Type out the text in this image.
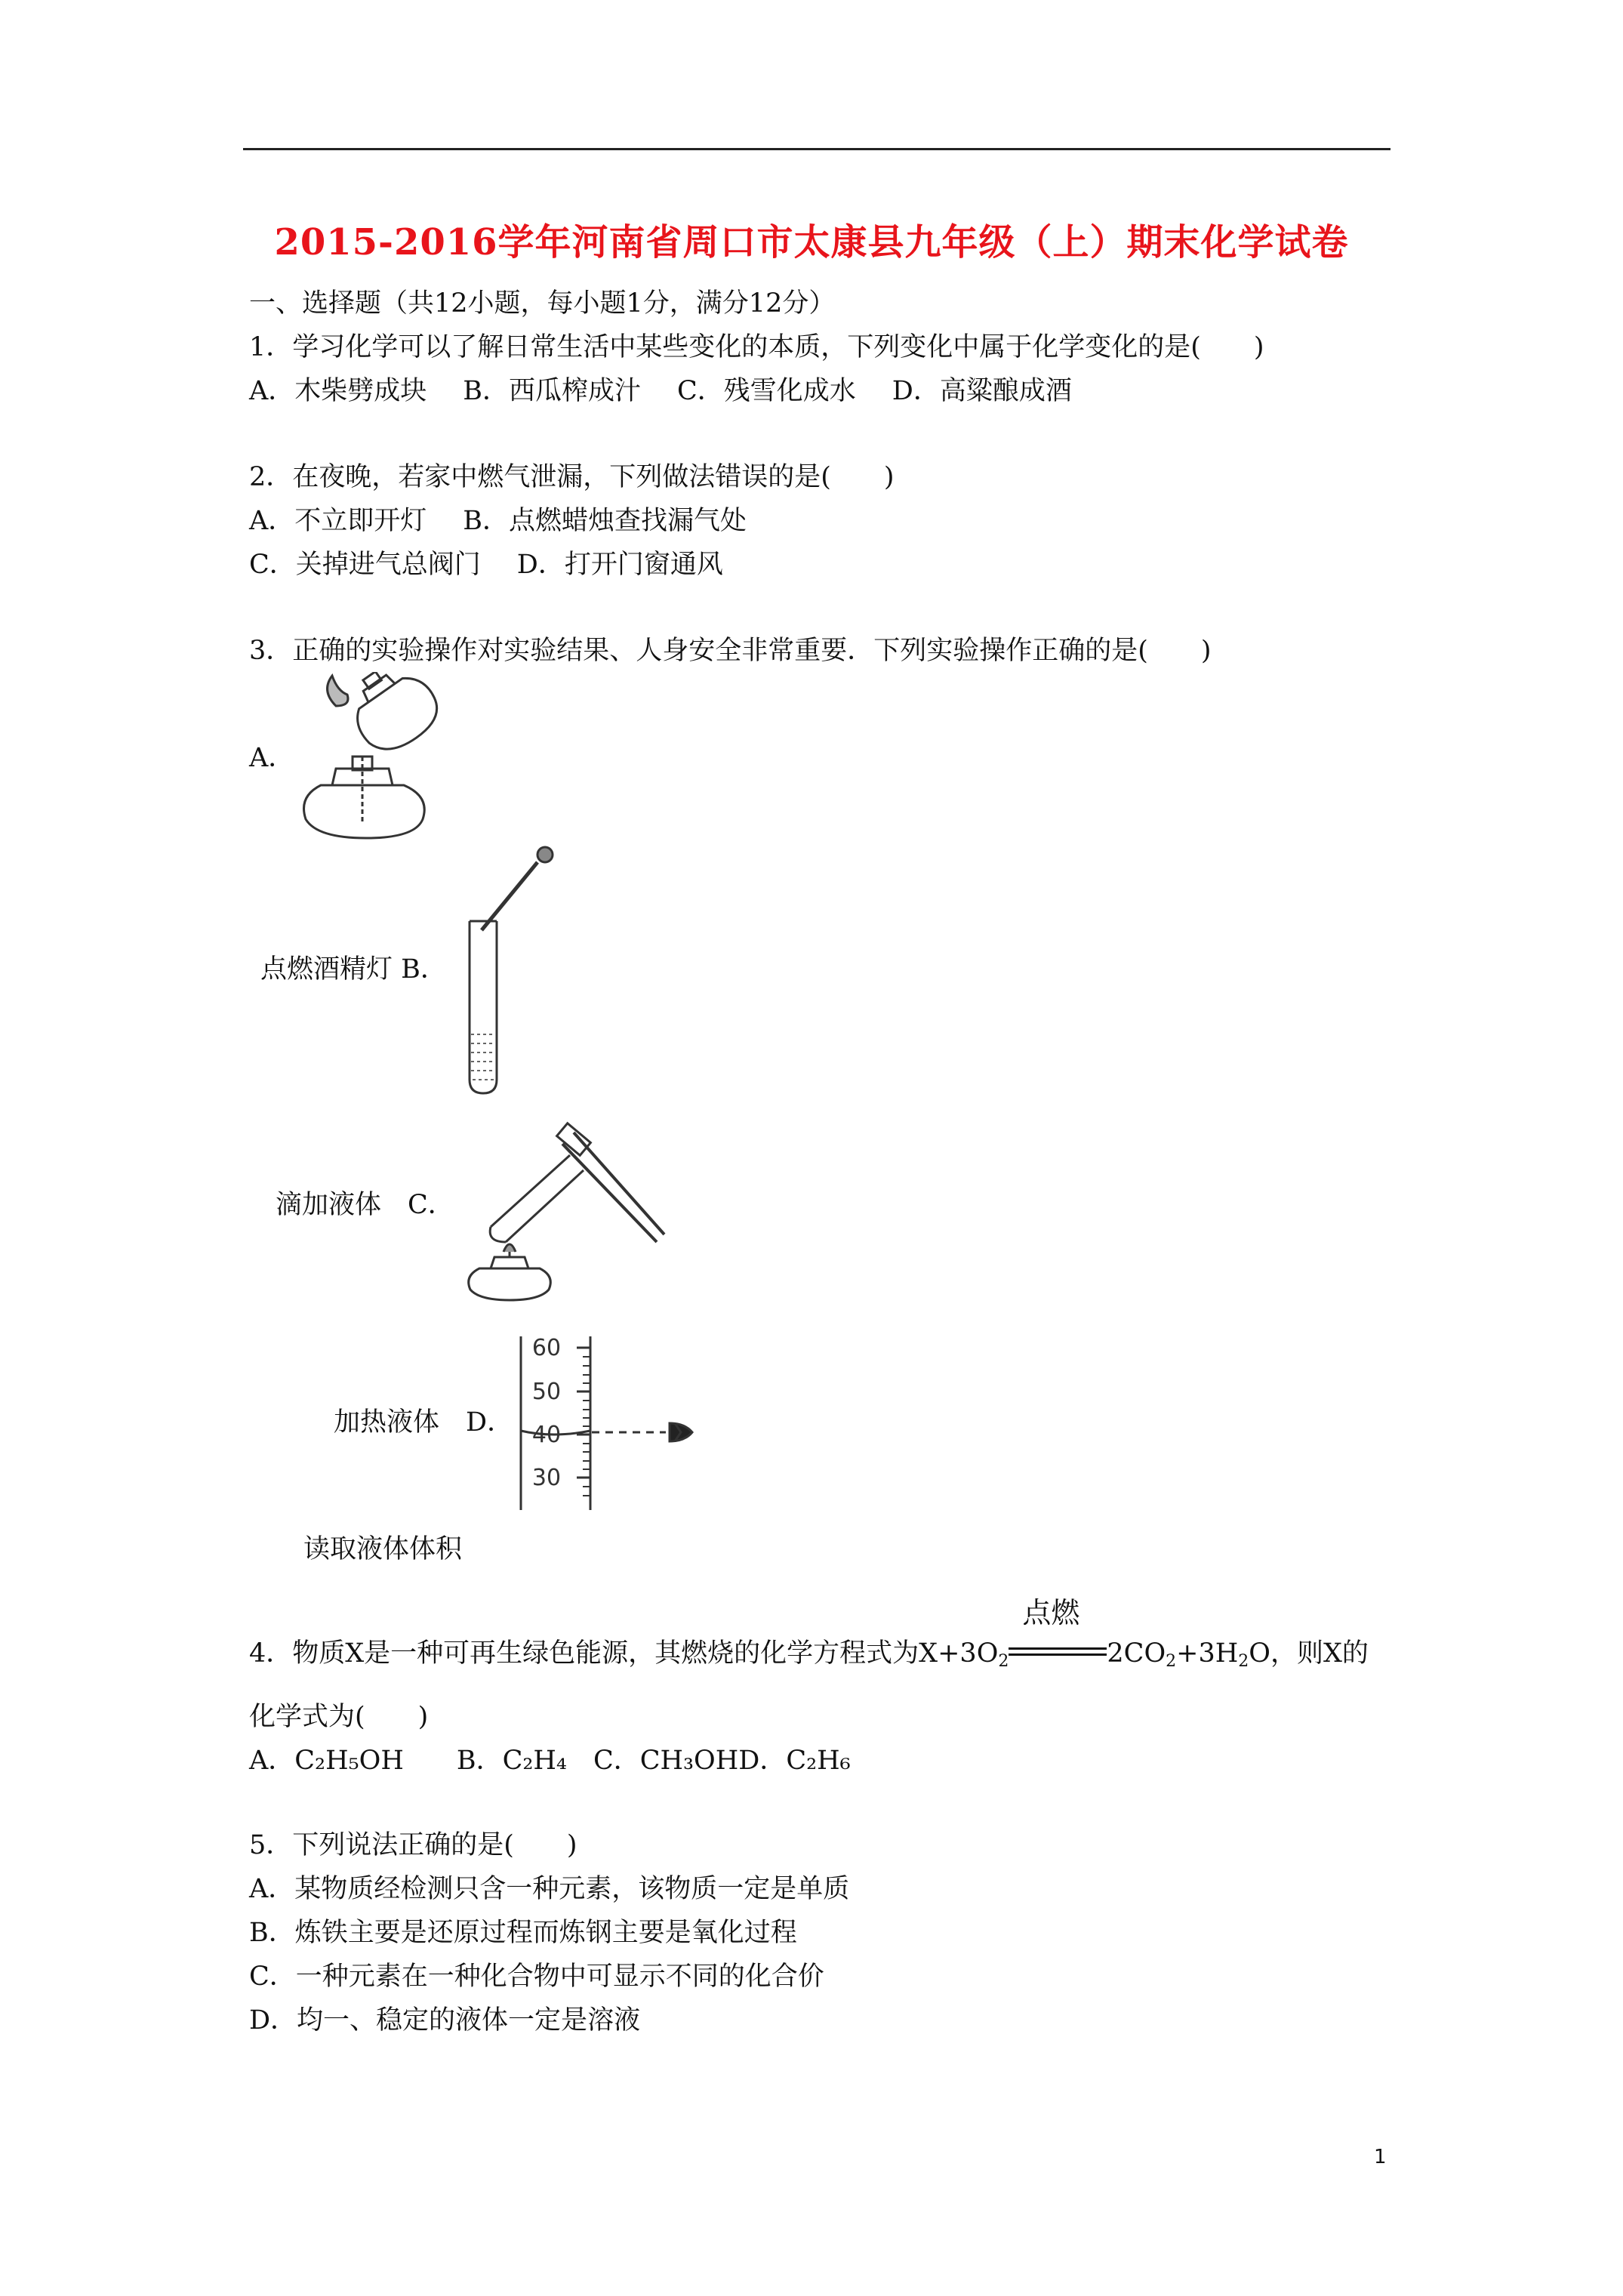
2015-2016学年河南省周口市太康县九年级（上）期末化学试卷
一、选择题（共12小题，每小题1分，满分12分）
1．学习化学可以了解日常生活中某些变化的本质，下列变化中属于化学变化的是(　　)
A．木柴劈成块 B．西瓜榨成汁 C．残雪化成水 D．高粱酿成酒
2．在夜晚，若家中燃气泄漏，下列做法错误的是(　　)
A．不立即开灯 B．点燃蜡烛查找漏气处
C．关掉进气总阀门 D．打开门窗通风
3．正确的实验操作对实验结果、人身安全非常重要．下列实验操作正确的是(　　)
A．
点燃酒精灯 B．
滴加液体　 C．
加热液体　 D．
60
50
40
30
读取液体体积
4．物质X是一种可再生绿色能源，其燃烧的化学方程式为$X+3O_2$
点燃
$2CO_2+3H_2O$，则X的
化学式为(　　)
A．C₂H₅OH　　B．C₂H₄　C．CH₃OHD．C₂H₆
5．下列说法正确的是(　　)
A．某物质经检测只含一种元素，该物质一定是单质
B．炼铁主要是还原过程而炼钢主要是氧化过程
C．一种元素在一种化合物中可显示不同的化合价
D．均一、稳定的液体一定是溶液
1
